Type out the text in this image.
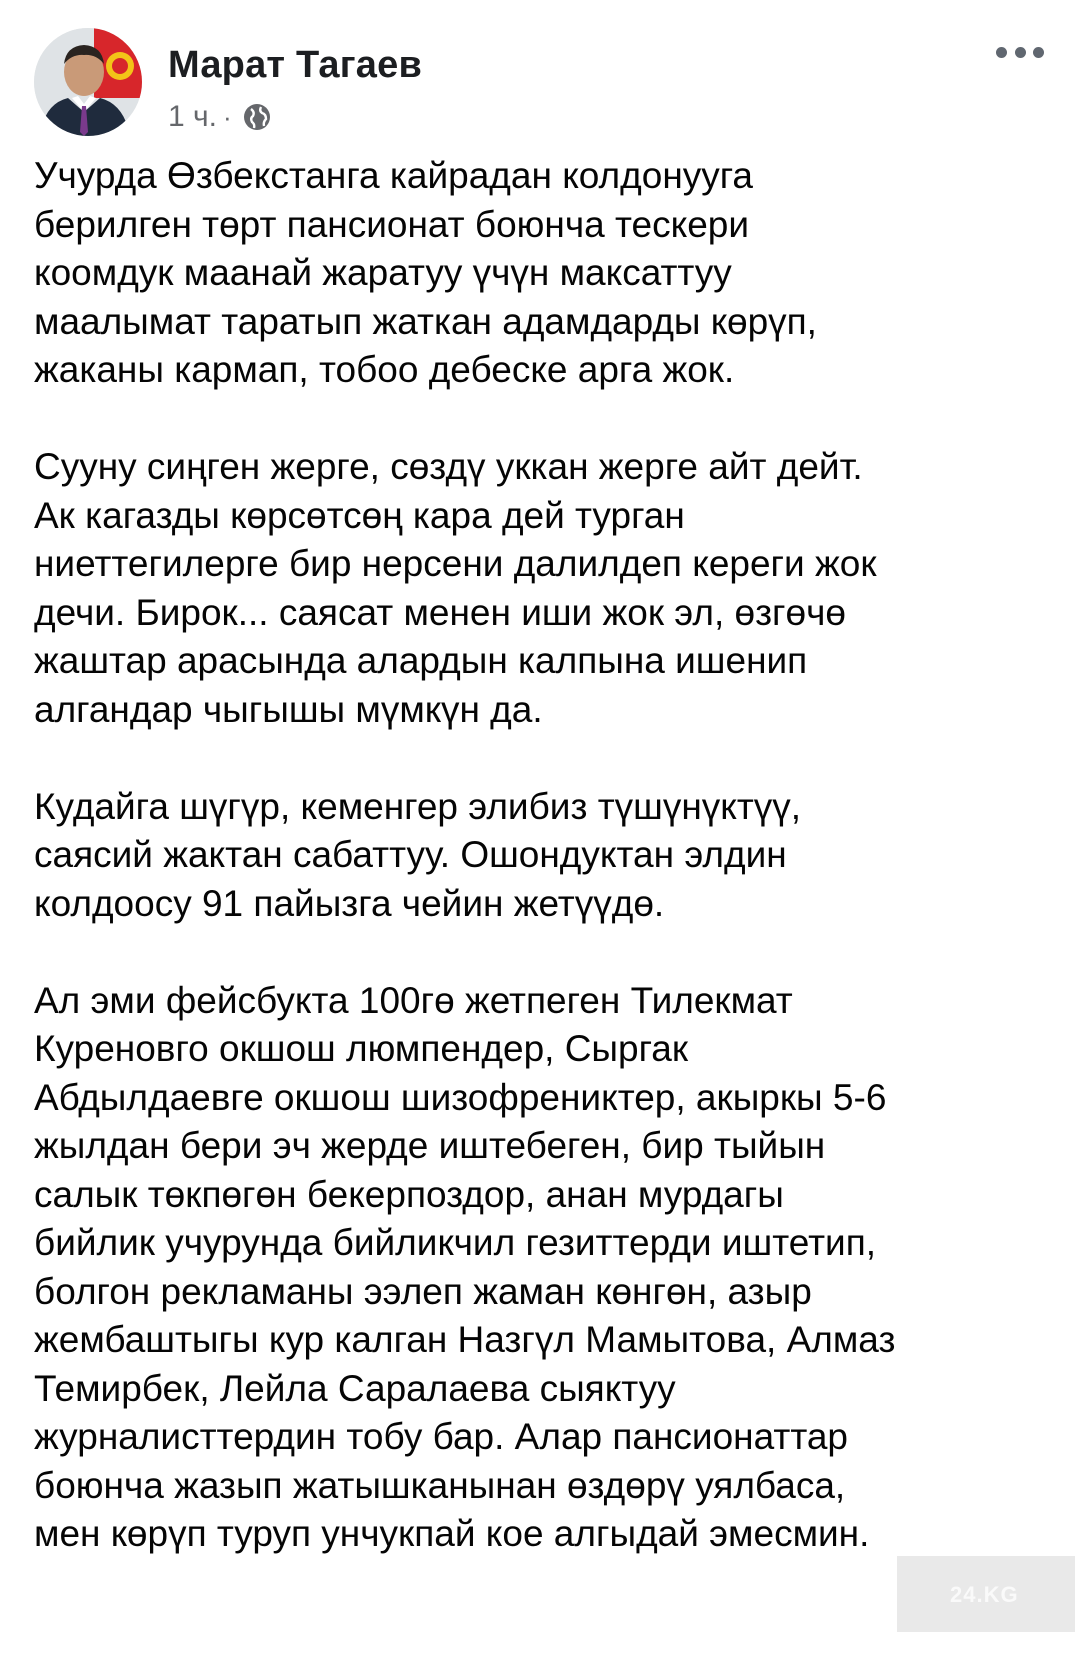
Марат Тагаев
1 ч. ·

Учурда Өзбекстанга кайрадан колдонууга
берилген төрт пансионат боюнча тескери
коомдук маанай жаратуу үчүн максаттуу
маалымат таратып жаткан адамдарды көрүп,
жаканы кармап, тобоо дебеске арга жок.

Сууну сиңген жерге, сөздү уккан жерге айт дейт.
Ак кагазды көрсөтсөң кара дей турган
ниеттегилерге бир нерсени далилдеп кереги жок
дечи. Бирок... саясат менен иши жок эл, өзгөчө
жаштар арасында алардын калпына ишенип
алгандар чыгышы мүмкүн да.

Кудайга шүгүр, кеменгер элибиз түшүнүктүү,
саясий жактан сабаттуу. Ошондуктан элдин
колдоосу 91 пайызга чейин жетүүдө.

Ал эми фейсбукта 100гө жетпеген Тилекмат
Куреновго окшош люмпендер, Сыргак
Абдылдаевге окшош шизофрениктер, акыркы 5-6
жылдан бери эч жерде иштебеген, бир тыйын
салык төкпөгөн бекерпоздор, анан мурдагы
бийлик учурунда бийликчил гезиттерди иштетип,
болгон рекламаны ээлеп жаман көнгөн, азыр
жембаштыгы кур калган Назгүл Мамытова, Алмаз
Темирбек, Лейла Саралаева сыяктуу
журналисттердин тобу бар. Алар пансионаттар
боюнча жазып жатышканынан өздөрү уялбаса,
мен көрүп туруп унчукпай кое алгыдай эмесмин.

24.KG
